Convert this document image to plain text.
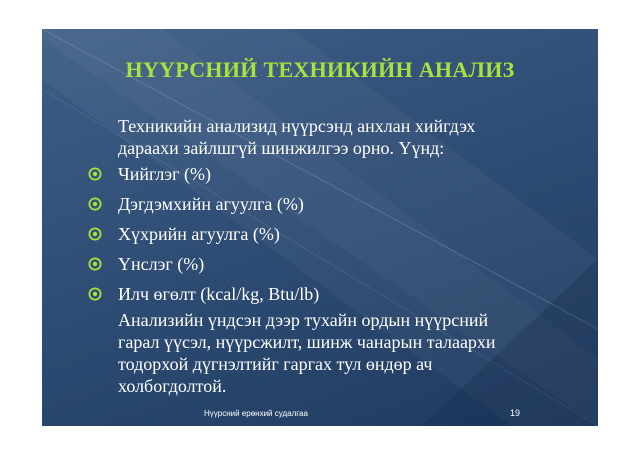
НҮҮРСНИЙ ТЕХНИКИЙН АНАЛИЗ
Техникийн анализид нүүрсэнд анхлан хийгдэх
дараахи зайлшгүй шинжилгээ орно. Үүнд:
Чийглэг (%)
Дэгдэмхийн агуулга (%)
Хүхрийн агуулга (%)
Үнслэг (%)
Илч өгөлт (kcal/kg, Btu/lb)
Анализийн үндсэн дээр тухайн ордын нүүрсний
гарал үүсэл, нүүрсжилт, шинж чанарын талаархи
тодорхой дүгнэлтийг гаргах тул өндөр ач
холбогдолтой.
Нүүрсний ерөнхий судалгаа	19
